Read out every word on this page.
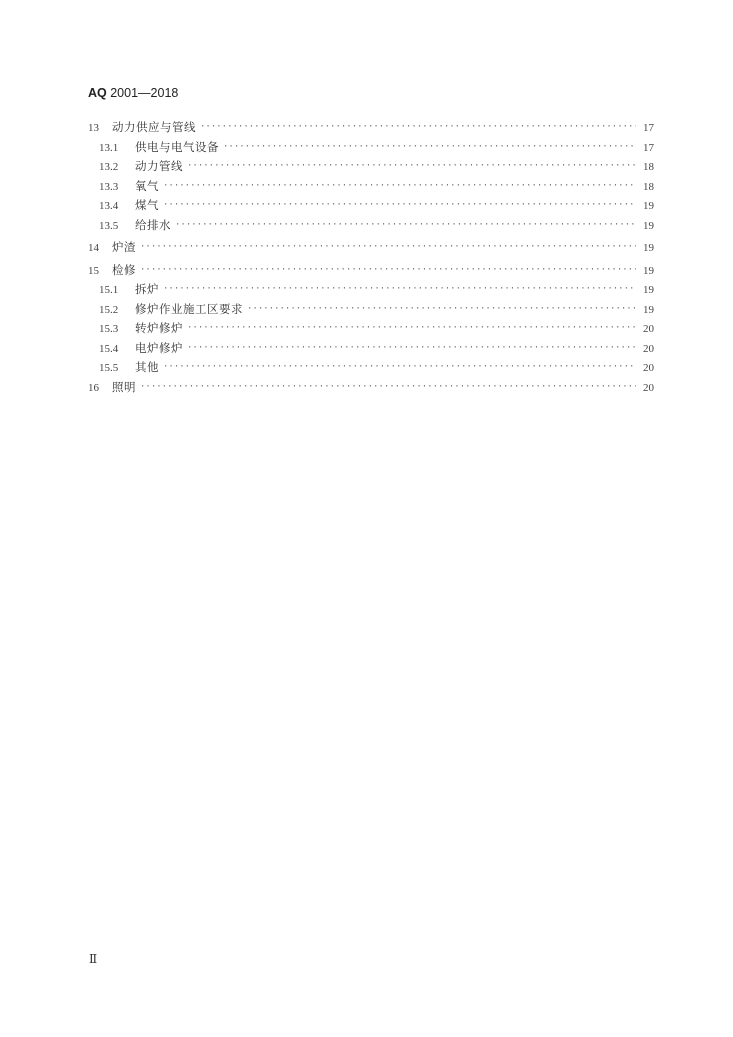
AQ 2001—2018
13	动力供应与管线 ·····	17
13.1	供电与电气设备 ·····	17
13.2	动力管线 ·····	18
13.3	氧气 ·····	18
13.4	煤气 ·····	19
13.5	给排水 ·····	19
14	炉渣 ·····	19
15	检修 ·····	19
15.1	拆炉 ·····	19
15.2	修炉作业施工区要求 ·····	19
15.3	转炉修炉 ·····	20
15.4	电炉修炉 ·····	20
15.5	其他 ·····	20
16	照明 ·····	20
Ⅱ
